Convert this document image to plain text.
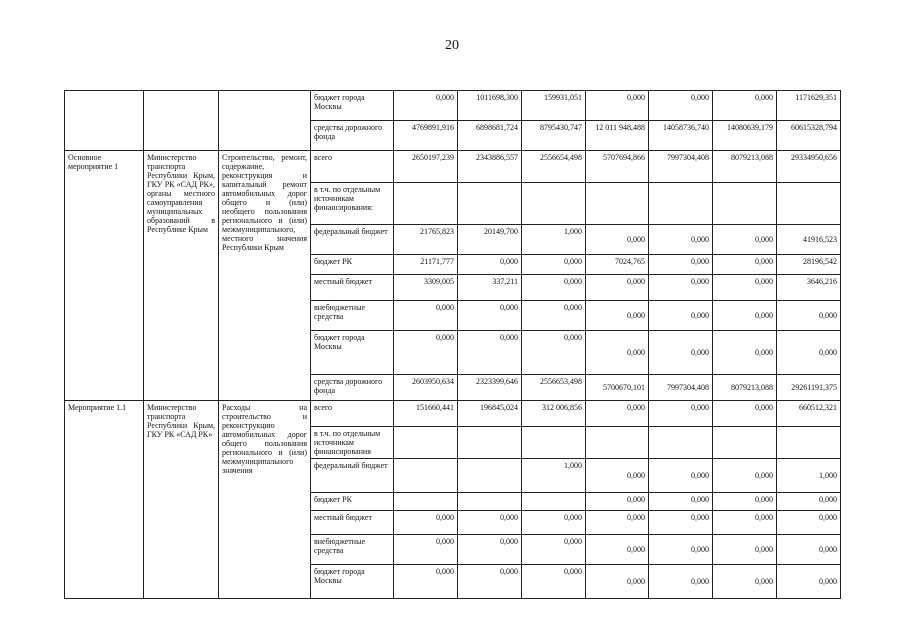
20
			бюджет города Москвы	0,000	1011698,300	159931,051	0,000	0,000	0,000	1171629,351
			средства дорожного фонда	4769891,916	6898681,724	8795430,747	12 011 948,488	14058736,740	14080639,179	60615328,794
Основное мероприятие 1	Министерство транспорта Республики Крым, ГКУ РК «САД РК», органы местного самоуправления муниципальных образований в Республике Крым	Строительство, ремонт, содержание, реконструкция и капитальный ремонт автомобильных дорог общего и (или) необщего пользования регионального и (или) межмуниципального, местного значения Республики Крым	всего	2650197,239	2343886,557	2556654,498	5707694,866	7997304,408	8079213,088	29334950,656
			в т.ч. по отдельным источникам финансирования:							
			федеральный бюджет	21765,823	20149,700	1,000	0,000	0,000	0,000	41916,523
			бюджет РК	21171,777	0,000	0,000	7024,765	0,000	0,000	28196,542
			местный бюджет	3309,005	337,211	0,000	0,000	0,000	0,000	3646,216
			внебюджетные средства	0,000	0,000	0,000	0,000	0,000	0,000	0,000
			бюджет города Москвы	0,000	0,000	0,000	0,000	0,000	0,000	0,000
			средства дорожного фонда	2603950,634	2323399,646	2556653,498	5700670,101	7997304,408	8079213,088	29261191,375
Мероприятие 1.1	Министерство транспорта Республики Крым, ГКУ РК «САД РК»	Расходы на строительство и реконструкцию автомобильных дорог общего пользования регионального и (или) межмуниципального значения	всего	151660,441	196845,024	312 006,856	0,000	0,000	0,000	660512,321
			в т.ч. по отдельным источникам финансирования							
			федеральный бюджет			1,000	0,000	0,000	0,000	1,000
			бюджет РК				0,000	0,000	0,000	0,000
			местный бюджет	0,000	0,000	0,000	0,000	0,000	0,000	0,000
			внебюджетные средства	0,000	0,000	0,000	0,000	0,000	0,000	0,000
			бюджет города Москвы	0,000	0,000	0,000	0,000	0,000	0,000	0,000
